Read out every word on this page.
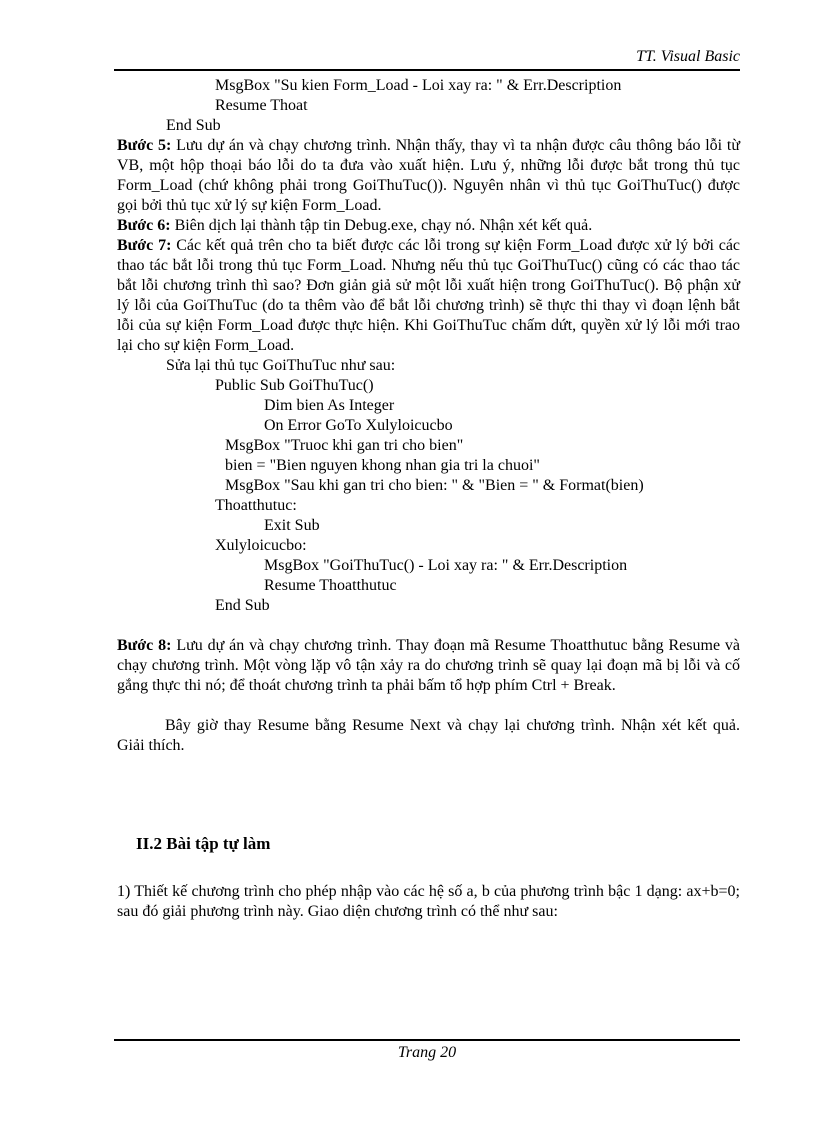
TT. Visual Basic
MsgBox "Su kien Form_Load - Loi xay ra: " & Err.Description
Resume Thoat
End Sub
Bước 5: Lưu dự án và chạy chương trình. Nhận thấy, thay vì ta nhận được câu thông báo lỗi từ VB, một hộp thoại báo lỗi do ta đưa vào xuất hiện. Lưu ý, những lỗi được bắt trong thủ tục Form_Load (chứ không phải trong GoiThuTuc()). Nguyên nhân vì thủ tục GoiThuTuc() được gọi bởi thủ tục xử lý sự kiện Form_Load.
Bước 6: Biên dịch lại thành tập tin Debug.exe, chạy nó. Nhận xét kết quả.
Bước 7: Các kết quả trên cho ta biết được các lỗi trong sự kiện Form_Load được xử lý bởi các thao tác bắt lỗi trong thủ tục Form_Load. Nhưng nếu thủ tục GoiThuTuc() cũng có các thao tác bắt lỗi chương trình thì sao? Đơn giản giả sử một lỗi xuất hiện trong GoiThuTuc(). Bộ phận xử lý lỗi của GoiThuTuc (do ta thêm vào để bắt lỗi chương trình) sẽ thực thi thay vì đoạn lệnh bắt lỗi của sự kiện Form_Load được thực hiện. Khi GoiThuTuc chấm dứt, quyền xử lý lỗi mới trao lại cho sự kiện Form_Load.
Sửa lại thủ tục GoiThuTuc như sau:
Public Sub GoiThuTuc()
Dim bien As Integer
On Error GoTo Xulyloicucbo
MsgBox "Truoc khi gan tri cho bien"
bien = "Bien nguyen khong nhan gia tri la chuoi"
MsgBox "Sau khi gan tri cho bien: " & "Bien = " & Format(bien)
Thoatthutuc:
Exit Sub
Xulyloicucbo:
MsgBox "GoiThuTuc() - Loi xay ra: " & Err.Description
Resume Thoatthutuc
End Sub
Bước 8: Lưu dự án và chạy chương trình. Thay đoạn mã Resume Thoatthutuc bằng Resume và chạy chương trình. Một vòng lặp vô tận xảy ra do chương trình sẽ quay lại đoạn mã bị lỗi và cố gắng thực thi nó; để thoát chương trình ta phải bấm tổ hợp phím Ctrl + Break.
Bây giờ thay Resume bằng Resume Next và chạy lại chương trình. Nhận xét kết quả. Giải thích.
II.2 Bài tập tự làm
1) Thiết kế chương trình cho phép nhập vào các hệ số a, b của phương trình bậc 1 dạng: ax+b=0; sau đó giải phương trình này. Giao diện chương trình có thể như sau:
Trang 20
